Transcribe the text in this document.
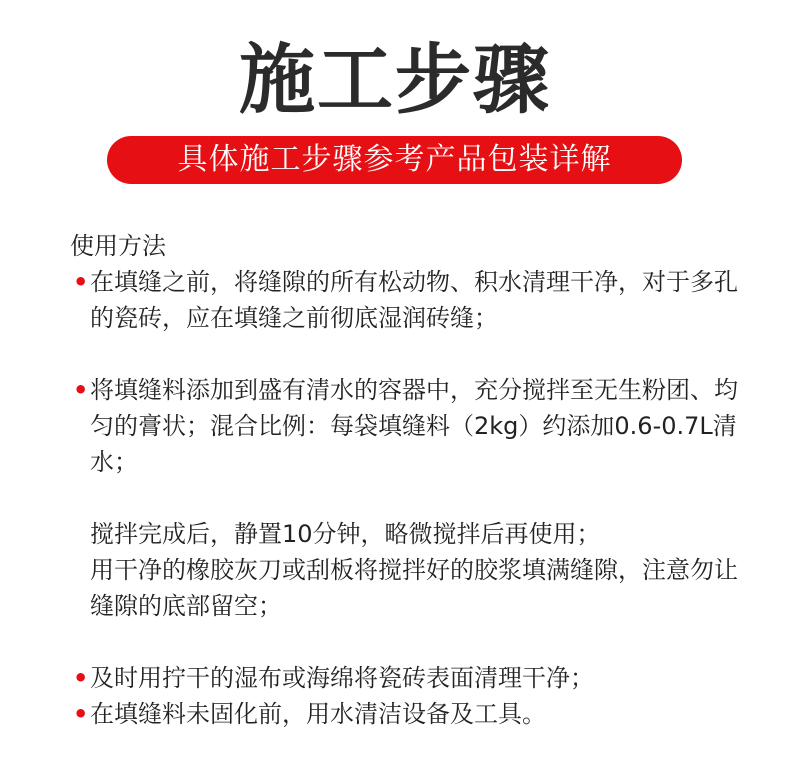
施工步骤
具体施工步骤参考产品包装详解
使用方法
• 在填缝之前，将缝隙的所有松动物、积水清理干净，对于多孔的瓷砖，应在填缝之前彻底湿润砖缝；
• 将填缝料添加到盛有清水的容器中，充分搅拌至无生粉团、均匀的膏状；混合比例：每袋填缝料（2kg）约添加0.6-0.7L清水；
搅拌完成后，静置10分钟，略微搅拌后再使用；
用干净的橡胶灰刀或刮板将搅拌好的胶浆填满缝隙，注意勿让缝隙的底部留空；
• 及时用拧干的湿布或海绵将瓷砖表面清理干净；
• 在填缝料未固化前，用水清洁设备及工具。
